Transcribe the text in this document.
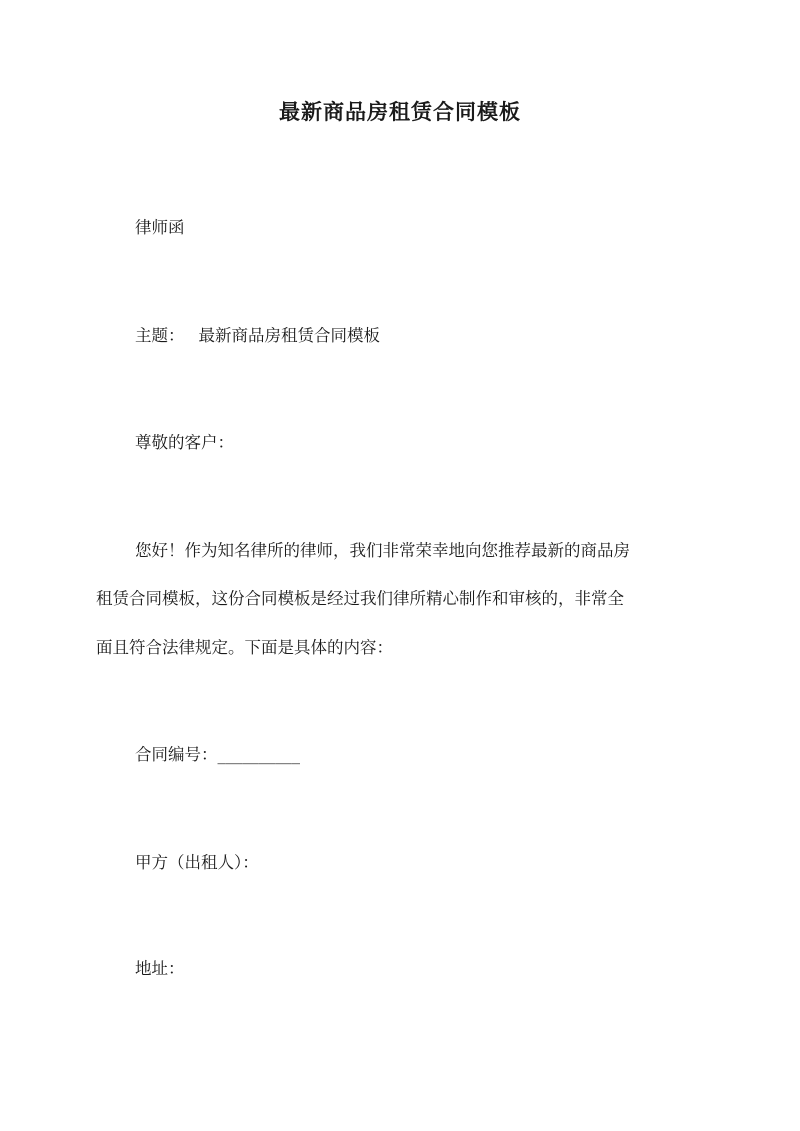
最新商品房租赁合同模板

律师函

主题： 最新商品房租赁合同模板

尊敬的客户：

您好！作为知名律所的律师，我们非常荣幸地向您推荐最新的商品房

租赁合同模板，这份合同模板是经过我们律所精心制作和审核的，非常全

面且符合法律规定。下面是具体的内容：

合同编号：__________

甲方（出租人）：

地址：
